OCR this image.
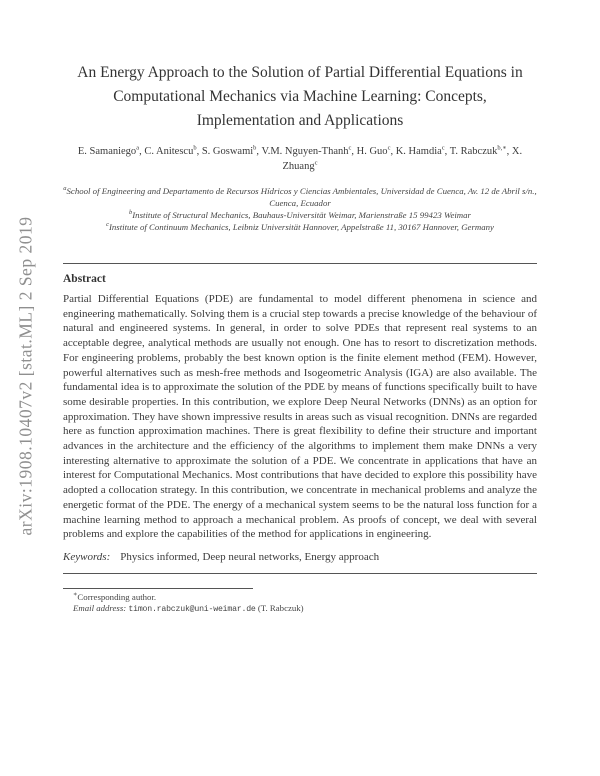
arXiv:1908.10407v2 [stat.ML] 2 Sep 2019
An Energy Approach to the Solution of Partial Differential Equations in Computational Mechanics via Machine Learning: Concepts, Implementation and Applications
E. Samaniego$^a$, C. Anitescu$^b$, S. Goswami$^b$, V.M. Nguyen-Thanh$^c$, H. Guo$^c$, K. Hamdia$^c$, T. Rabczuk$^{b,∗}$, X. Zhuang$^c$
$^a$School of Engineering and Departamento de Recursos Hídricos y Ciencias Ambientales, Universidad de Cuenca, Av. 12 de Abril s/n., Cuenca, Ecuador
$^b$Institute of Structural Mechanics, Bauhaus-Universität Weimar, Marienstraße 15 99423 Weimar
$^c$Institute of Continuum Mechanics, Leibniz Universität Hannover, Appelstraße 11, 30167 Hannover, Germany
Abstract
Partial Differential Equations (PDE) are fundamental to model different phenomena in science and engineering mathematically. Solving them is a crucial step towards a precise knowledge of the behaviour of natural and engineered systems. In general, in order to solve PDEs that represent real systems to an acceptable degree, analytical methods are usually not enough. One has to resort to discretization methods. For engineering problems, probably the best known option is the finite element method (FEM). However, powerful alternatives such as mesh-free methods and Isogeometric Analysis (IGA) are also available. The fundamental idea is to approximate the solution of the PDE by means of functions specifically built to have some desirable properties. In this contribution, we explore Deep Neural Networks (DNNs) as an option for approximation. They have shown impressive results in areas such as visual recognition. DNNs are regarded here as function approximation machines. There is great flexibility to define their structure and important advances in the architecture and the efficiency of the algorithms to implement them make DNNs a very interesting alternative to approximate the solution of a PDE. We concentrate in applications that have an interest for Computational Mechanics. Most contributions that have decided to explore this possibility have adopted a collocation strategy. In this contribution, we concentrate in mechanical problems and analyze the energetic format of the PDE. The energy of a mechanical system seems to be the natural loss function for a machine learning method to approach a mechanical problem. As proofs of concept, we deal with several problems and explore the capabilities of the method for applications in engineering.
Keywords: Physics informed, Deep neural networks, Energy approach
∗Corresponding author.
Email address: timon.rabczuk@uni-weimar.de (T. Rabczuk)
